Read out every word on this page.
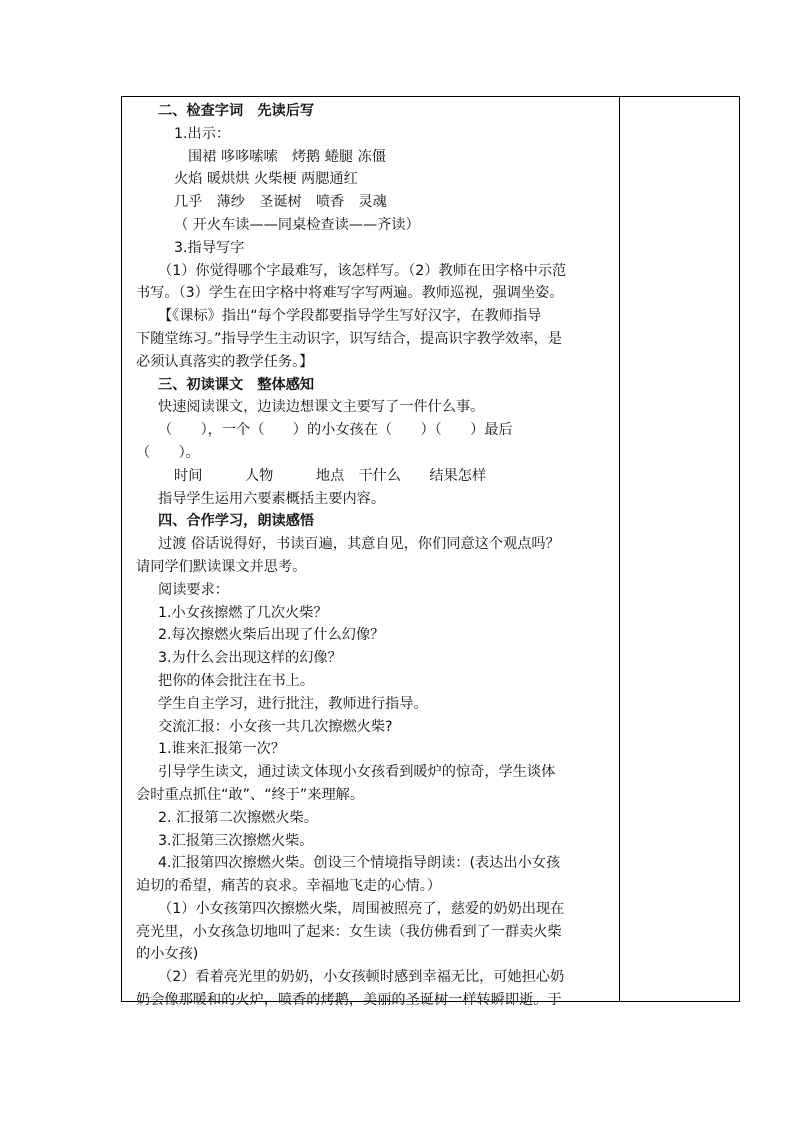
二、检查字词　先读后写
1.出示：
围裙 哆哆嗦嗦　烤鹅 蜷腿 冻僵
火焰 暖烘烘 火柴梗 两腮通红
几乎　薄纱　圣诞树　喷香　灵魂
（ 开火车读——同桌检查读——齐读）
3.指导写字
（1）你觉得哪个字最难写，该怎样写。（2）教师在田字格中示范
书写。（3）学生在田字格中将难写字写两遍。教师巡视，强调坐姿。
【《课标》指出“每个学段都要指导学生写好汉字，在教师指导
下随堂练习。”指导学生主动识字，识写结合，提高识字教学效率，是
必须认真落实的教学任务。】
三、初读课文　整体感知
快速阅读课文，边读边想课文主要写了一件什么事。
（　　），一个（　　）的小女孩在（　　）（　　）最后
（　　）。
时间　　　人物　　　地点　干什么　　结果怎样
指导学生运用六要素概括主要内容。
四、合作学习，朗读感悟
过渡 俗话说得好，书读百遍，其意自见，你们同意这个观点吗？
请同学们默读课文并思考。
阅读要求：
1.小女孩擦燃了几次火柴？
2.每次擦燃火柴后出现了什么幻像？
3.为什么会出现这样的幻像？
把你的体会批注在书上。
学生自主学习，进行批注，教师进行指导。
交流汇报：小女孩一共几次擦燃火柴?
1.谁来汇报第一次？
引导学生读文，通过读文体现小女孩看到暖炉的惊奇，学生谈体
会时重点抓住“敢”、“终于”来理解。
2. 汇报第二次擦燃火柴。
3.汇报第三次擦燃火柴。
4.汇报第四次擦燃火柴。创设三个情境指导朗读：(表达出小女孩
迫切的希望，痛苦的哀求。幸福地飞走的心情。）
（1）小女孩第四次擦燃火柴，周围被照亮了，慈爱的奶奶出现在
亮光里，小女孩急切地叫了起来：女生读（我仿佛看到了一群卖火柴
的小女孩)
（2）看着亮光里的奶奶，小女孩顿时感到幸福无比，可她担心奶
奶会像那暖和的火炉，喷香的烤鹅，美丽的圣诞树一样转瞬即逝。于
